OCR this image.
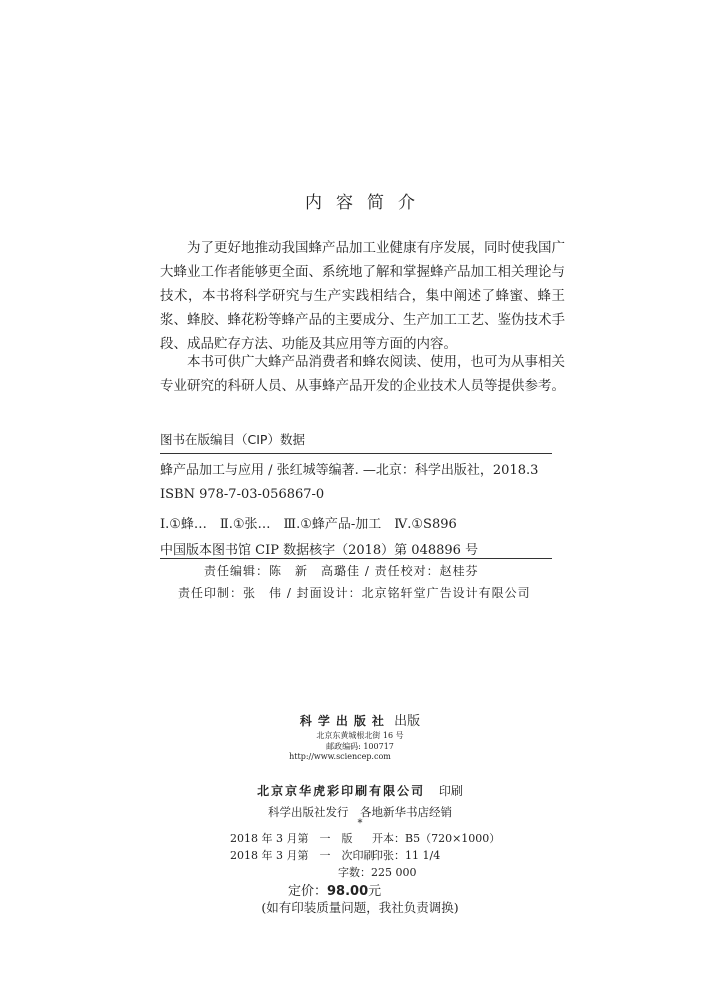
内容简介

为了更好地推动我国蜂产品加工业健康有序发展，同时使我国广大蜂业工作者能够更全面、系统地了解和掌握蜂产品加工相关理论与技术，本书将科学研究与生产实践相结合，集中阐述了蜂蜜、蜂王浆、蜂胶、蜂花粉等蜂产品的主要成分、生产加工工艺、鉴伪技术手段、成品贮存方法、功能及其应用等方面的内容。

本书可供广大蜂产品消费者和蜂农阅读、使用，也可为从事相关专业研究的科研人员、从事蜂产品开发的企业技术人员等提供参考。

图书在版编目（CIP）数据
蜂产品加工与应用 / 张红城等编著. —北京：科学出版社，2018.3
ISBN 978-7-03-056867-0
Ⅰ.①蜂…　Ⅱ.①张…　Ⅲ.①蜂产品-加工　Ⅳ.①S896
中国版本图书馆 CIP 数据核字（2018）第 048896 号
责任编辑：陈　新　高璐佳 / 责任校对：赵桂芬
责任印制：张　伟 / 封面设计：北京铭轩堂广告设计有限公司
科学出版社 出版
北京东黄城根北街 16 号
邮政编码: 100717
http://www.sciencep.com
北京京华虎彩印刷有限公司 印刷
科学出版社发行　各地新华书店经销
*
2018 年 3 月第　一　版 开本：B5（720×1000）
2018 年 3 月第　一　次印刷
印张：11 1/4
字数：225 000
定价：98.00元
(如有印装质量问题，我社负责调换)
